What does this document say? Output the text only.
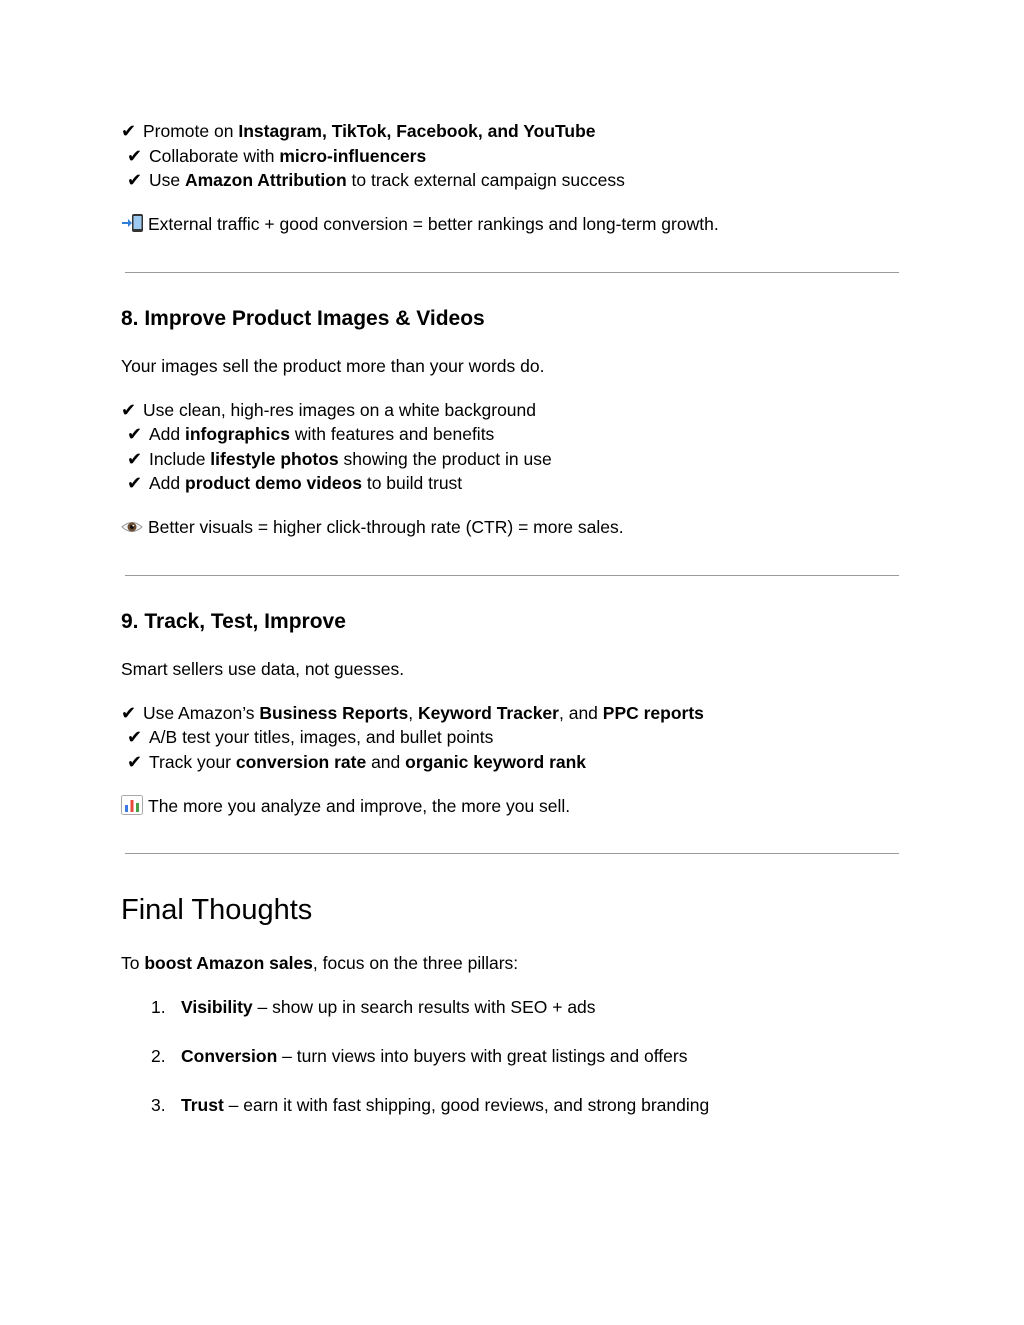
✔ Promote on Instagram, TikTok, Facebook, and YouTube
✔ Collaborate with micro-influencers
✔ Use Amazon Attribution to track external campaign success
External traffic + good conversion = better rankings and long-term growth.
8. Improve Product Images & Videos
Your images sell the product more than your words do.
✔ Use clean, high-res images on a white background
✔ Add infographics with features and benefits
✔ Include lifestyle photos showing the product in use
✔ Add product demo videos to build trust
Better visuals = higher click-through rate (CTR) = more sales.
9. Track, Test, Improve
Smart sellers use data, not guesses.
✔ Use Amazon’s Business Reports, Keyword Tracker, and PPC reports
✔ A/B test your titles, images, and bullet points
✔ Track your conversion rate and organic keyword rank
The more you analyze and improve, the more you sell.
Final Thoughts
To boost Amazon sales, focus on the three pillars:
1. Visibility – show up in search results with SEO + ads
2. Conversion – turn views into buyers with great listings and offers
3. Trust – earn it with fast shipping, good reviews, and strong branding
